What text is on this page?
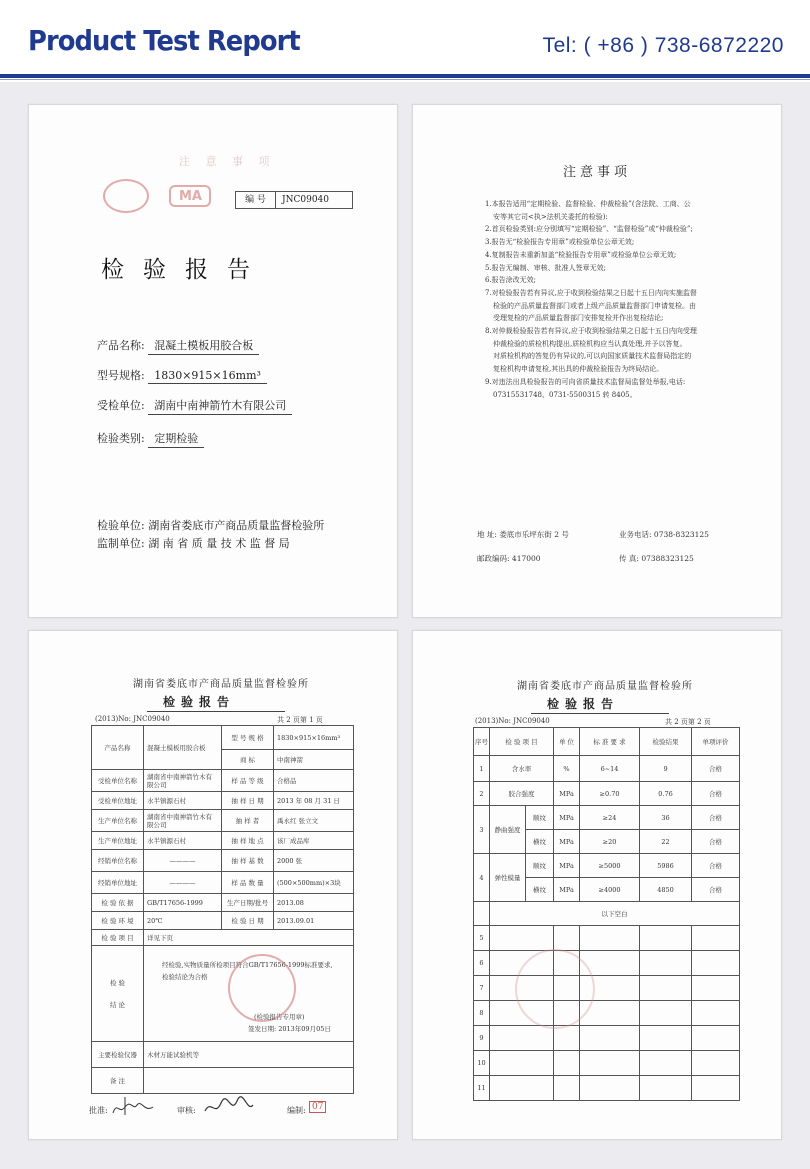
Product Test Report	Tel: ( +86 ) 738-6872220
注 意 事 项
MA	编 号	JNC09040
检验报告
产品名称: 混凝土模板用胶合板
型号规格: 1830×915×16mm³
受检单位: 湖南中南神箭竹木有限公司
检验类别: 定期检验
检验单位: 湖南省娄底市产商品质量监督检验所
监制单位: 湖 南 省 质 量 技 术 监 督 局
注意事项
1.本报告适用“定期检验、监督检验、仲裁检验”(含法院、工商、公
安等其它司<执>法机关委托的检验):
2.首页检验类别:应分别填写“定期检验”、“监督检验”或“仲裁检验”;
3.报告无“检验报告专用章”或检验单位公章无效;
4.复制报告未重新加盖“检验报告专用章”或检验单位公章无效;
5.报告无编制、审核、批准人签章无效;
6.报告涂改无效;
7.对检验报告若有异议,应于收到检验结果之日起十五日内向实施监督
检验的产品质量监督部门或者上级产品质量监督部门申请复检。由
受理复检的产品质量监督部门安排复检并作出复检结论;
8.对仲裁检验报告若有异议,应于收到检验结果之日起十五日内向受理
仲裁检验的质检机构提出,质检机构应当认真处理,并予以答复。
对质检机构的答复仍有异议的,可以向国家质量技术监督局指定的
复检机构申请复检,其出具的仲裁检验报告为终局结论。
9.对违法出具检验报告的可向省质量技术监督局监督处举报,电话:
07315531748、0731-5500315 转 8405。
地 址: 娄底市乐坪东街 2 号	业务电话: 0738-8323125
邮政编码: 417000	传 真: 07388323125
湖南省娄底市产商品质量监督检验所
检验报告
(2013)No: JNC09040	共 2 页第 1 页
产品名称	混凝土模板用胶合板	型 号 规 格	1830×915×16mm³
		商 标	中南神箭
受检单位名称	湖南省中南神箭竹木有限公司	样 品 等 级	合格品
受检单位地址	水半镇源石村	抽 样 日 期	2013 年 08 月 31 日
生产单位名称	湖南省中南神箭竹木有限公司	抽 样 者	禹永红 张立文
生产单位地址	水半镇源石村	抽 样 地 点	该厂成品库
经销单位名称	————	抽 样 基 数	2000 张
经销单位地址	————	样 品 数 量	(500×500mm)×3块
检 验 依 据	GB/T17656-1999	生产日期/批号	2013.08
检 验 环 境	20℃	检 验 日 期	2013.09.01
检 验 项 目	详见下页		
检 验 结 论	经检验,实物质量所检项目符合GB/T17656-1999标准要求,
检验结论为合格
(检验报告专用章)
签发日期: 2013年09月05日		

主要检验仪器	木材万能试验机等		
备 注			
批准:	审核:	编制: 07
湖南省娄底市产商品质量监督检验所
检验报告
(2013)No: JNC09040	共 2 页第 2 页
序号	检 验 项 目		单 位	标 准 要 求	检验结果	单项评价
1	含水率		%	6~14	9	合格
2	胶合强度		MPa	≥0.70	0.76	合格
3	静曲强度	顺纹	MPa	≥24	36	合格
		横纹	MPa	≥20	22	合格
4	弹性模量	顺纹	MPa	≥5000	5986	合格
		横纹	MPa	≥4000	4850	合格
	以下空白					
5						
6						
7						
8						
9						
10						
11						
